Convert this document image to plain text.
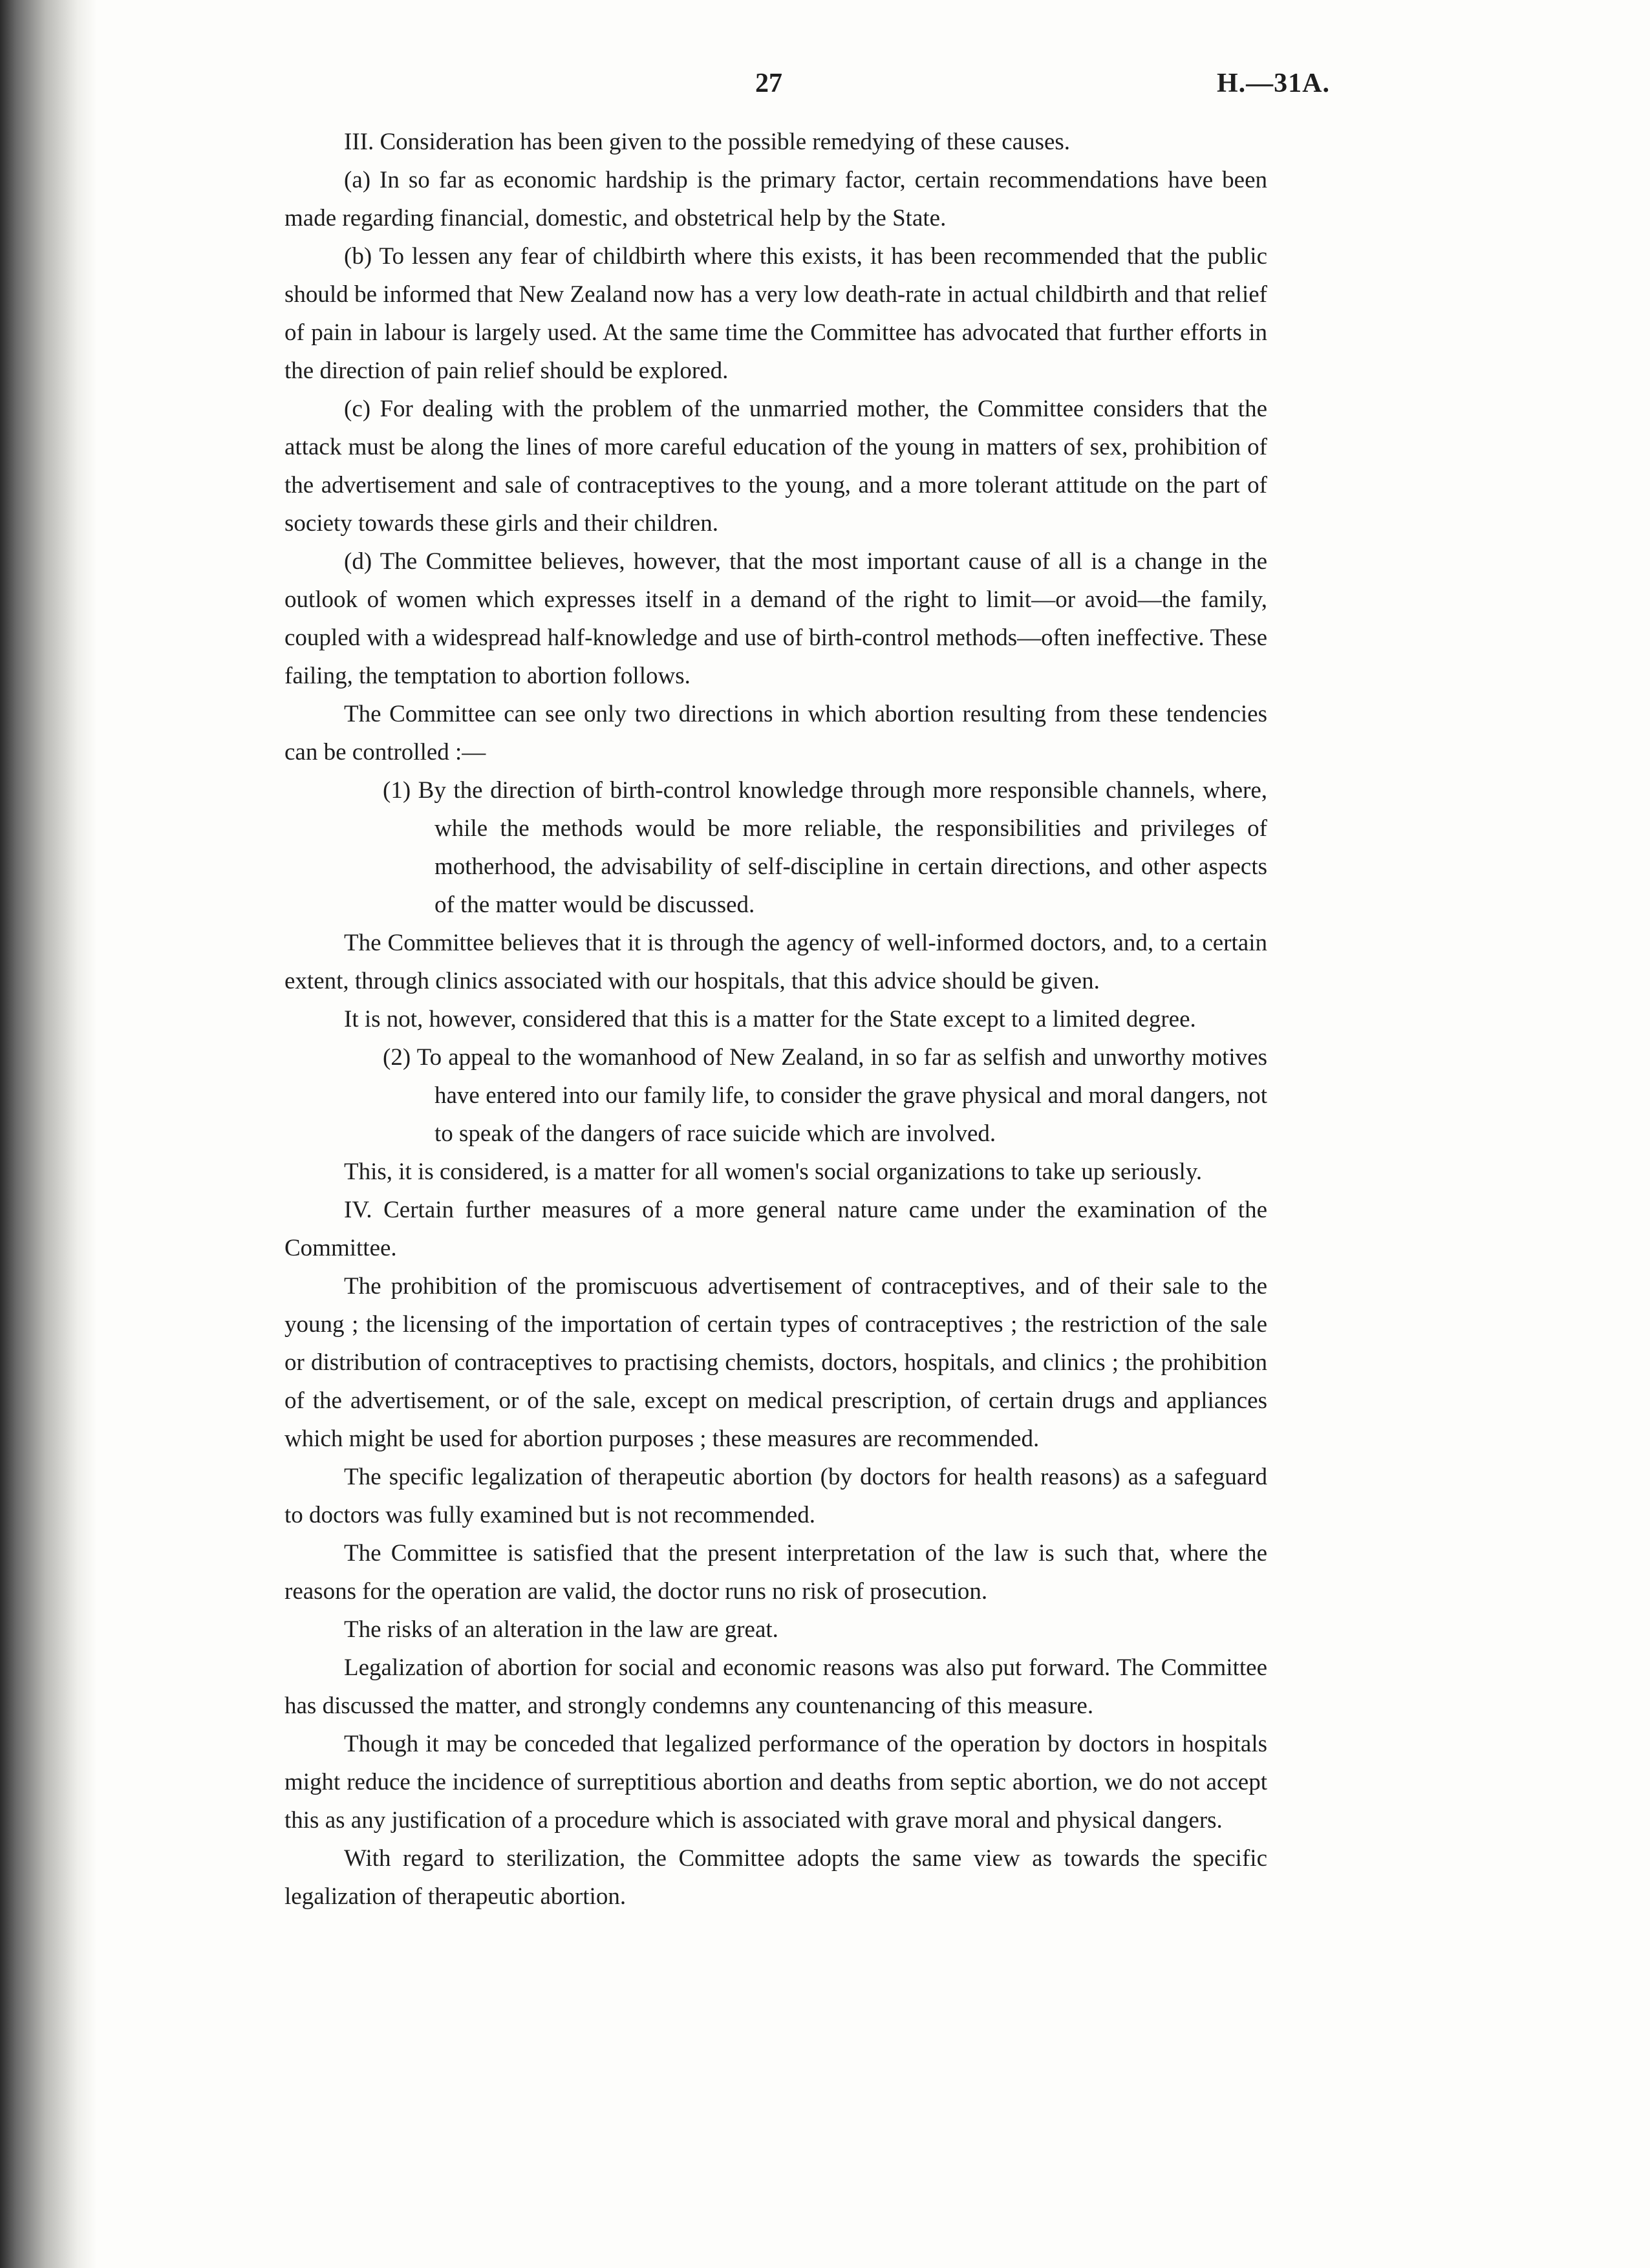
27	H.—31A.

III. Consideration has been given to the possible remedying of these causes.

(a) In so far as economic hardship is the primary factor, certain recommendations have been made regarding financial, domestic, and obstetrical help by the State.

(b) To lessen any fear of childbirth where this exists, it has been recommended that the public should be informed that New Zealand now has a very low death-rate in actual childbirth and that relief of pain in labour is largely used. At the same time the Committee has advocated that further efforts in the direction of pain relief should be explored.

(c) For dealing with the problem of the unmarried mother, the Committee considers that the attack must be along the lines of more careful education of the young in matters of sex, prohibition of the advertisement and sale of contraceptives to the young, and a more tolerant attitude on the part of society towards these girls and their children.

(d) The Committee believes, however, that the most important cause of all is a change in the outlook of women which expresses itself in a demand of the right to limit—or avoid—the family, coupled with a widespread half-knowledge and use of birth-control methods—often ineffective. These failing, the temptation to abortion follows.

The Committee can see only two directions in which abortion resulting from these tendencies can be controlled :—

(1) By the direction of birth-control knowledge through more responsible channels, where, while the methods would be more reliable, the responsibilities and privileges of motherhood, the advisability of self-discipline in certain directions, and other aspects of the matter would be discussed.

The Committee believes that it is through the agency of well-informed doctors, and, to a certain extent, through clinics associated with our hospitals, that this advice should be given.

It is not, however, considered that this is a matter for the State except to a limited degree.

(2) To appeal to the womanhood of New Zealand, in so far as selfish and unworthy motives have entered into our family life, to consider the grave physical and moral dangers, not to speak of the dangers of race suicide which are involved.

This, it is considered, is a matter for all women's social organizations to take up seriously.

IV. Certain further measures of a more general nature came under the examination of the Committee.

The prohibition of the promiscuous advertisement of contraceptives, and of their sale to the young ; the licensing of the importation of certain types of contraceptives ; the restriction of the sale or distribution of contraceptives to practising chemists, doctors, hospitals, and clinics ; the prohibition of the advertisement, or of the sale, except on medical prescription, of certain drugs and appliances which might be used for abortion purposes ; these measures are recommended.

The specific legalization of therapeutic abortion (by doctors for health reasons) as a safeguard to doctors was fully examined but is not recommended.

The Committee is satisfied that the present interpretation of the law is such that, where the reasons for the operation are valid, the doctor runs no risk of prosecution.

The risks of an alteration in the law are great.

Legalization of abortion for social and economic reasons was also put forward. The Committee has discussed the matter, and strongly condemns any countenancing of this measure.

Though it may be conceded that legalized performance of the operation by doctors in hospitals might reduce the incidence of surreptitious abortion and deaths from septic abortion, we do not accept this as any justification of a procedure which is associated with grave moral and physical dangers.

With regard to sterilization, the Committee adopts the same view as towards the specific legalization of therapeutic abortion.
